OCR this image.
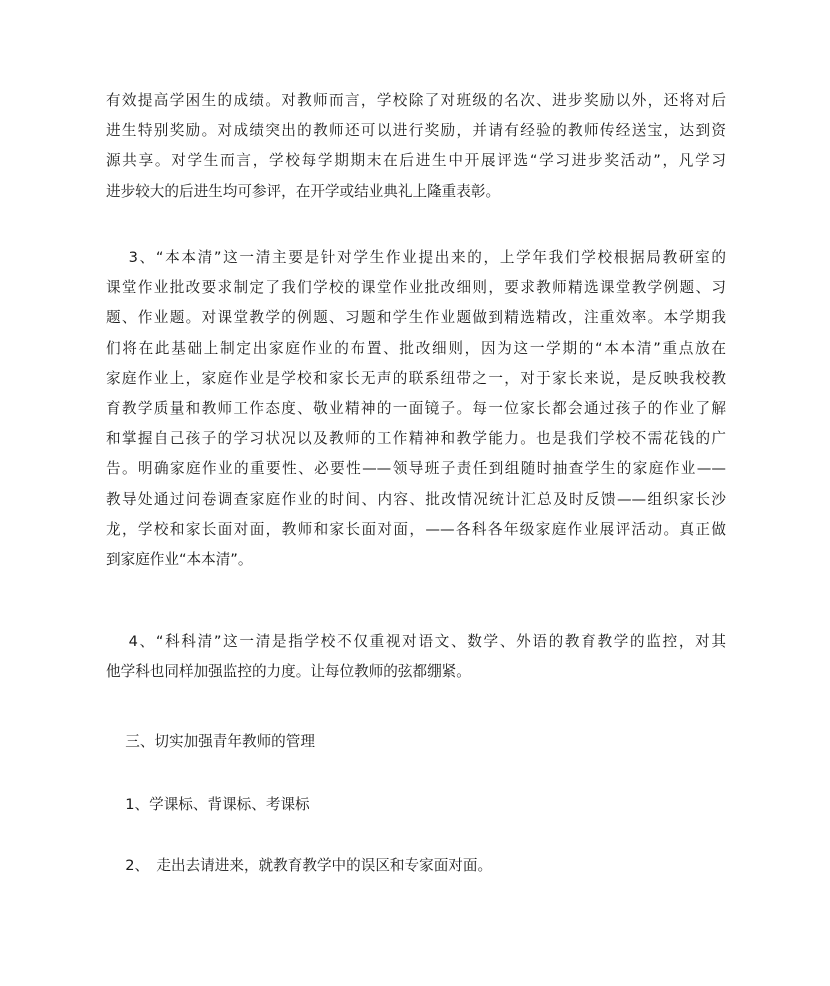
有效提高学困生的成绩。对教师而言，学校除了对班级的名次、进步奖励以外，还将对后
进生特别奖励。对成绩突出的教师还可以进行奖励，并请有经验的教师传经送宝，达到资
源共享。对学生而言，学校每学期期末在后进生中开展评选“学习进步奖活动”，凡学习
进步较大的后进生均可参评，在开学或结业典礼上隆重表彰。
　 3、“本本清”这一清主要是针对学生作业提出来的，上学年我们学校根据局教研室的
课堂作业批改要求制定了我们学校的课堂作业批改细则，要求教师精选课堂教学例题、习
题、作业题。对课堂教学的例题、习题和学生作业题做到精选精改，注重效率。本学期我
们将在此基础上制定出家庭作业的布置、批改细则，因为这一学期的“本本清”重点放在
家庭作业上，家庭作业是学校和家长无声的联系纽带之一，对于家长来说，是反映我校教
育教学质量和教师工作态度、敬业精神的一面镜子。每一位家长都会通过孩子的作业了解
和掌握自己孩子的学习状况以及教师的工作精神和教学能力。也是我们学校不需花钱的广
告。明确家庭作业的重要性、必要性——领导班子责任到组随时抽查学生的家庭作业——
教导处通过问卷调查家庭作业的时间、内容、批改情况统计汇总及时反馈——组织家长沙
龙，学校和家长面对面，教师和家长面对面，——各科各年级家庭作业展评活动。真正做
到家庭作业“本本清”。
　 4、“科科清”这一清是指学校不仅重视对语文、数学、外语的教育教学的监控，对其
他学科也同样加强监控的力度。让每位教师的弦都绷紧。
　 三、切实加强青年教师的管理
　 1、学课标、背课标、考课标
　 2、　走出去请进来，就教育教学中的误区和专家面对面。
